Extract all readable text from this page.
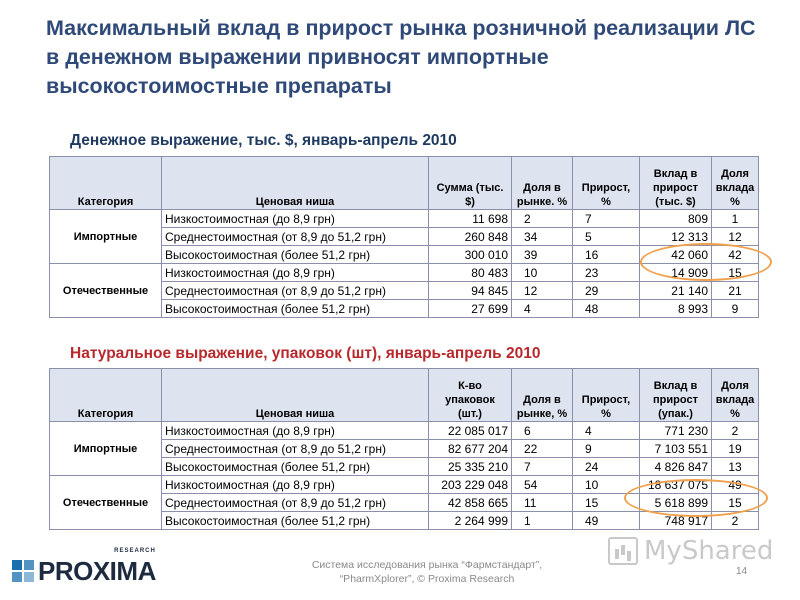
Максимальный вклад в прирост рынка розничной реализации ЛС в денежном выражении привносят импортные высокостоимостные препараты
Денежное выражение, тыс. $, январь-апрель 2010
Категория	Ценовая ниша	Сумма (тыс. $)	Доля в рынке. %	Прирост, %	Вклад в прирост (тыс. $)	Доля вклада %
Импортные	Низкостоимостная (до 8,9 грн)	11 698	2	7	809	1
	Среднестоимостная (от 8,9 до 51,2 грн)	260 848	34	5	12 313	12
	Высокостоимостная (более 51,2 грн)	300 010	39	16	42 060	42
Отечественные	Низкостоимостная (до 8,9 грн)	80 483	10	23	14 909	15
	Среднестоимостная (от 8,9 до 51,2 грн)	94 845	12	29	21 140	21
	Высокостоимостная (более 51,2 грн)	27 699	4	48	8 993	9
Натуральное выражение, упаковок (шт), январь-апрель 2010
Категория	Ценовая ниша	К-во упаковок (шт.)	Доля в рынке, %	Прирост, %	Вклад в прирост (упак.)	Доля вклада %
Импортные	Низкостоимостная (до 8,9 грн)	22 085 017	6	4	771 230	2
	Среднестоимостная (от 8,9 до 51,2 грн)	82 677 204	22	9	7 103 551	19
	Высокостоимостная (более 51,2 грн)	25 335 210	7	24	4 826 847	13
Отечественные	Низкостоимостная (до 8,9 грн)	203 229 048	54	10	18 637 075	49
	Среднестоимостная (от 8,9 до 51,2 грн)	42 858 665	11	15	5 618 899	15
	Высокостоимостная (более 51,2 грн)	2 264 999	1	49	748 917	2
MyShared
PROXIMA
RESEARCH
Система исследования рынка “Фармстандарт”, “PharmXplorer”, © Proxima Research
14
